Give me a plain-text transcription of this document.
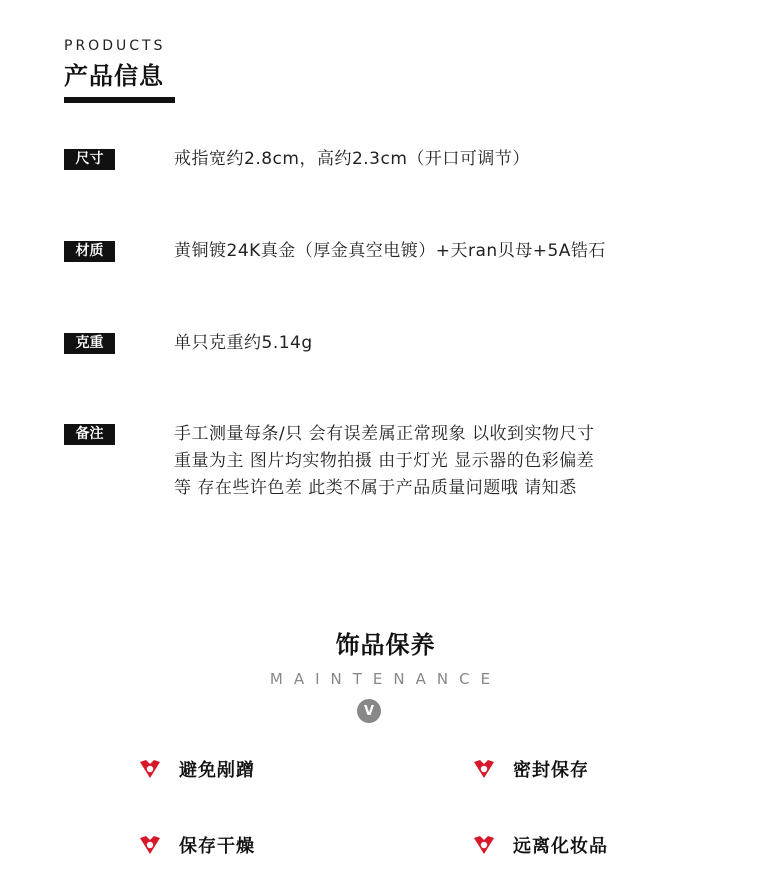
PRODUCTS
产品信息
尺寸	戒指宽约2.8cm，高约2.3cm（开口可调节）
材质	黄铜镀24K真金（厚金真空电镀）+天ran贝母+5A锆石
克重	单只克重约5.14g
备注	手工测量每条/只 会有误差属正常现象 以收到实物尺寸
重量为主 图片均实物拍摄 由于灯光 显示器的色彩偏差
等 存在些许色差 此类不属于产品质量问题哦 请知悉
饰品保养
MAINTENANCE
V
避免剐蹭	密封保存
保存干燥	远离化妆品
